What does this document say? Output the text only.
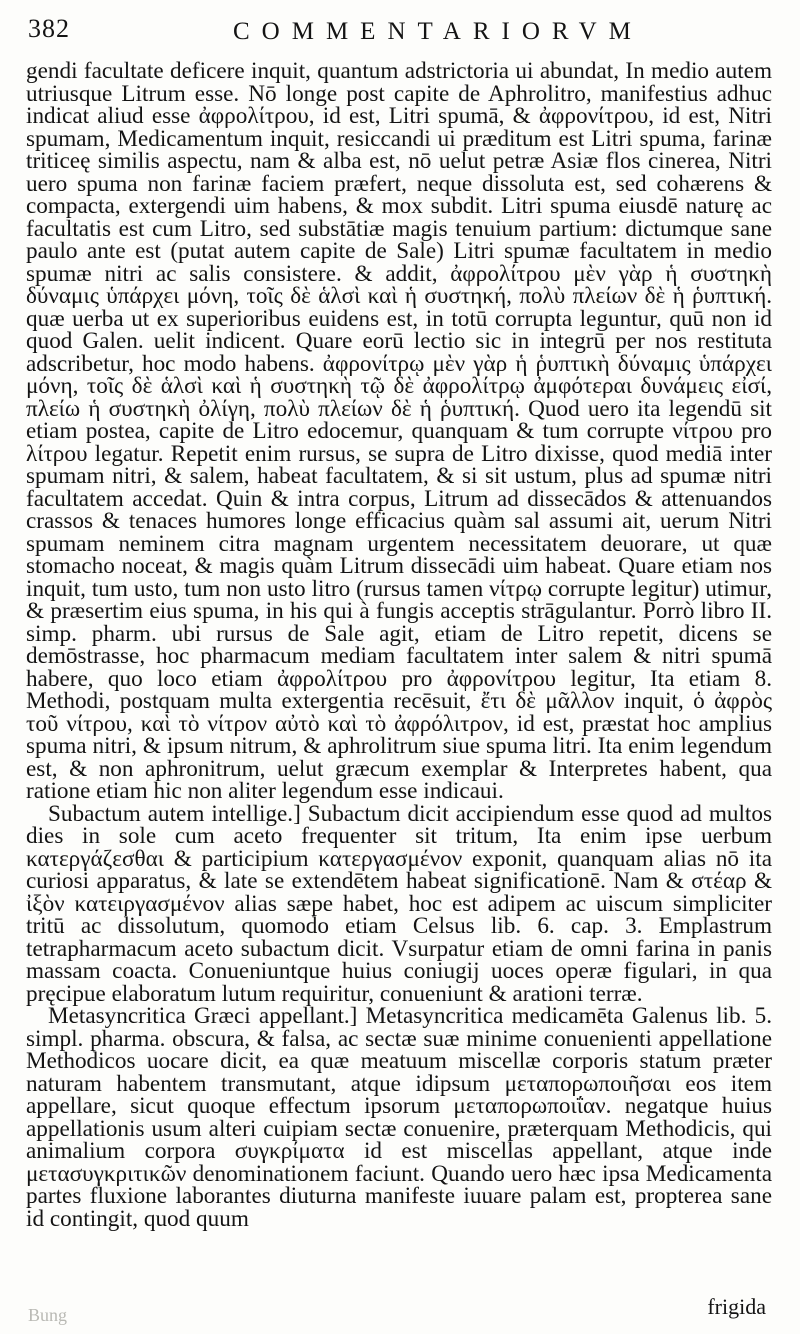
382	COMMENTARIORVM

gendi facultate deficere inquit, quantum adstrictoria ui abundat, In medio autem utriusque Litrum esse. Nō longe post capite de Aphrolitro, manifestius adhuc indicat aliud esse ἀφρολίτρου, id est, Litri spumā, & ἀφρονίτρου, id est, Nitri spumam, Medicamentum inquit, resiccandi ui præditum est Litri spuma, farinæ triticeę similis aspectu, nam & alba est, nō uelut petræ Asiæ flos cinerea, Nitri uero spuma non farinæ faciem præfert, neque dissoluta est, sed cohærens & compacta, extergendi uim habens, & mox subdit. Litri spuma eiusdē naturę ac facultatis est cum Litro, sed substātiæ magis tenuium partium: dictumque sane paulo ante est (putat autem capite de Sale) Litri spumæ facultatem in medio spumæ nitri ac salis consistere. & addit, ἀφρολίτρου μὲν γὰρ ἡ συστηκὴ δύναμις ὑπάρχει μόνη, τοῖς δὲ ἁλσὶ καὶ ἡ συστηκή, πολὺ πλείων δὲ ἡ ῥυπτική. quæ uerba ut ex superioribus euidens est, in totū corrupta leguntur, quū non id quod Galen. uelit indicent. Quare eorū lectio sic in integrū per nos restituta adscribetur, hoc modo habens. ἀφρονίτρῳ μὲν γὰρ ἡ ῥυπτικὴ δύναμις ὑπάρχει μόνη, τοῖς δὲ ἁλσὶ καὶ ἡ συστηκὴ τῷ δὲ ἀφρολίτρῳ ἀμφότεραι δυνάμεις εἰσί, πλείω ἡ συστηκὴ ὀλίγη, πολὺ πλείων δὲ ἡ ῥυπτική. Quod uero ita legendū sit etiam postea, capite de Litro edocemur, quanquam & tum corrupte νίτρου pro λίτρου legatur. Repetit enim rursus, se supra de Litro dixisse, quod mediā inter spumam nitri, & salem, habeat facultatem, & si sit ustum, plus ad spumæ nitri facultatem accedat. Quin & intra corpus, Litrum ad dissecādos & attenuandos crassos & tenaces humores longe efficacius quàm sal assumi ait, uerum Nitri spumam neminem citra magnam urgentem necessitatem deuorare, ut quæ stomacho noceat, & magis quàm Litrum dissecādi uim habeat. Quare etiam nos inquit, tum usto, tum non usto litro (rursus tamen νίτρῳ corrupte legitur) utimur, & præsertim eius spuma, in his qui à fungis acceptis strāgulantur. Porrò libro II. simp. pharm. ubi rursus de Sale agit, etiam de Litro repetit, dicens se demōstrasse, hoc pharmacum mediam facultatem inter salem & nitri spumā habere, quo loco etiam ἀφρολίτρου pro ἀφρονίτρου legitur, Ita etiam 8. Methodi, postquam multa extergentia recēsuit, ἔτι δὲ μᾶλλον inquit, ὁ ἀφρὸς τοῦ νίτρου, καὶ τὸ νίτρον αὐτὸ καὶ τὸ ἀφρόλιτρον, id est, præstat hoc amplius spuma nitri, & ipsum nitrum, & aphrolitrum siue spuma litri. Ita enim legendum est, & non aphronitrum, uelut græcum exemplar & Interpretes habent, qua ratione etiam hic non aliter legendum esse indicaui.

Subactum autem intellige.] Subactum dicit accipiendum esse quod ad multos dies in sole cum aceto frequenter sit tritum, Ita enim ipse uerbum κατεργάζεσθαι & participium κατεργασμένον exponit, quanquam alias nō ita curiosi apparatus, & late se extendētem habeat significationē. Nam & στέαρ & ἰξὸν κατειργασμένον alias sæpe habet, hoc est adipem ac uiscum simpliciter tritū ac dissolutum, quomodo etiam Celsus lib. 6. cap. 3. Emplastrum tetrapharmacum aceto subactum dicit. Vsurpatur etiam de omni farina in panis massam coacta. Conueniuntque huius coniugij uoces operæ figulari, in qua pręcipue elaboratum lutum requiritur, conueniunt & arationi terræ.

Metasyncritica Græci appellant.] Metasyncritica medicamēta Galenus lib. 5. simpl. pharma. obscura, & falsa, ac sectæ suæ minime conuenienti appellatione Methodicos uocare dicit, ea quæ meatuum miscellæ corporis statum præter naturam habentem transmutant, atque idipsum μεταπορωποιῆσαι eos item appellare, sicut quoque effectum ipsorum μεταπορωποιΐαν. negatque huius appellationis usum alteri cuipiam sectæ conuenire, præterquam Methodicis, qui animalium corpora συγκρίματα id est miscellas appellant, atque inde μετασυγκριτικῶν denominationem faciunt. Quando uero hæc ipsa Medicamenta partes fluxione laborantes diuturna manifeste iuuare palam est, propterea sane id contingit, quod quum

Bung	frigida
